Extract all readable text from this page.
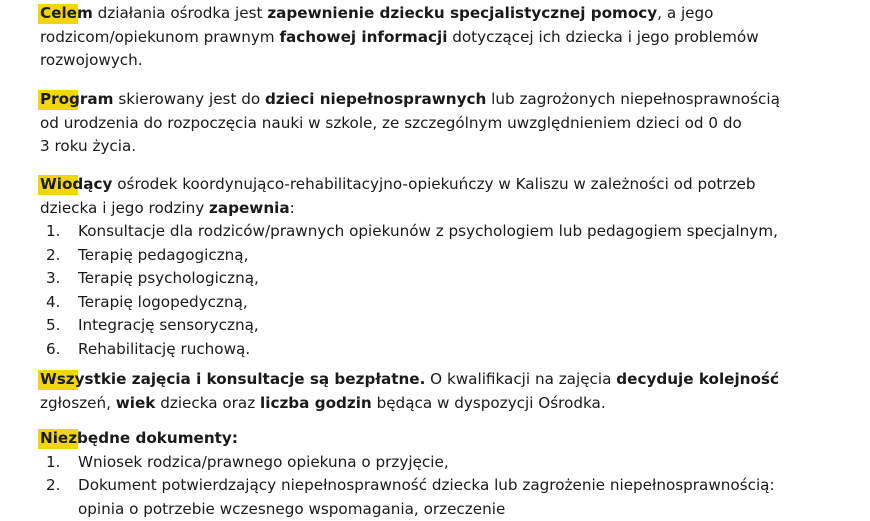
Celem działania ośrodka jest zapewnienie dziecku specjalistycznej pomocy, a jego
rodzicom/opiekunom prawnym fachowej informacji dotyczącej ich dziecka i jego problemów
rozwojowych.

Program skierowany jest do dzieci niepełnosprawnych lub zagrożonych niepełnosprawnością
od urodzenia do rozpoczęcia nauki w szkole, ze szczególnym uwzględnieniem dzieci od 0 do
3 roku życia.

Wiodący ośrodek koordynująco-rehabilitacyjno-opiekuńczy w Kaliszu w zależności od potrzeb
dziecka i jego rodziny zapewnia:
1. Konsultacje dla rodziców/prawnych opiekunów z psychologiem lub pedagogiem specjalnym,
2. Terapię pedagogiczną,
3. Terapię psychologiczną,
4. Terapię logopedyczną,
5. Integrację sensoryczną,
6. Rehabilitację ruchową.

Wszystkie zajęcia i konsultacje są bezpłatne. O kwalifikacji na zajęcia decyduje kolejność
zgłoszeń, wiek dziecka oraz liczba godzin będąca w dyspozycji Ośrodka.

Niezbędne dokumenty:
1. Wniosek rodzica/prawnego opiekuna o przyjęcie,
2. Dokument potwierdzający niepełnosprawność dziecka lub zagrożenie niepełnosprawnością:
opinia o potrzebie wczesnego wspomagania, orzeczenie
